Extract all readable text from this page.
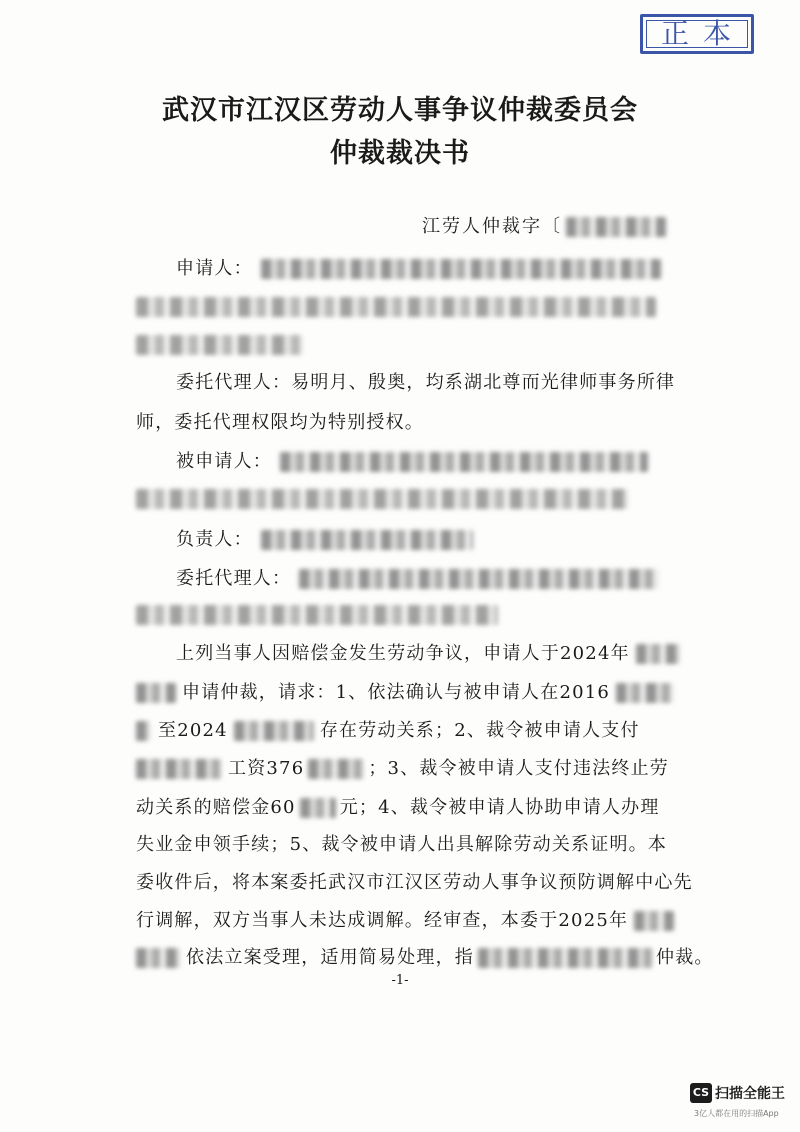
正本
武汉市江汉区劳动人事争议仲裁委员会
仲裁裁决书
江劳人仲裁字〔
申请人：
委托代理人：易明月、殷奥，均系湖北尊而光律师事务所律
师，委托代理权限均为特别授权。
被申请人：
负责人：
委托代理人：
上列当事人因赔偿金发生劳动争议，申请人于2024年
申请仲裁，请求：1、依法确认与被申请人在2016
至2024	存在劳动关系；2、裁令被申请人支付
工资376	；3、裁令被申请人支付违法终止劳
动关系的赔偿金60 元；4、裁令被申请人协助申请人办理
失业金申领手续；5、裁令被申请人出具解除劳动关系证明。本
委收件后，将本案委托武汉市江汉区劳动人事争议预防调解中心先
行调解，双方当事人未达成调解。经审查，本委于2025年
依法立案受理，适用简易处理，指	仲裁。
-1-
CS 扫描全能王
3亿人都在用的扫描App
